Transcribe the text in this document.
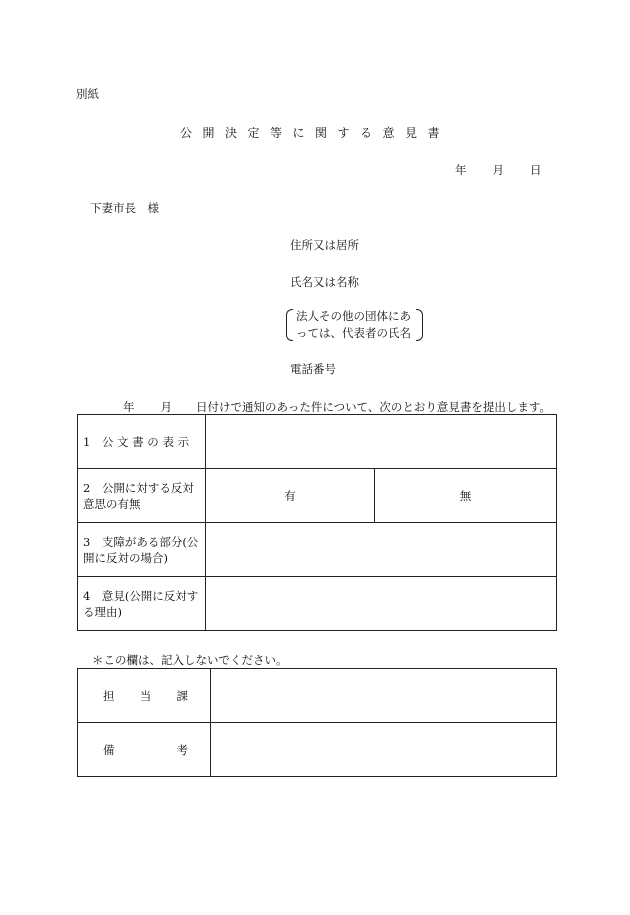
別紙
公開決定等に関する意見書
年 月 日
下妻市長　様
住所又は居所
氏名又は名称
法人その他の団体にあ
っては、代表者の氏名
電話番号
年 月 日付けで通知のあった件について、次のとおり意見書を提出します。
1　公 文 書 の 表 示		
2　公開に対する反対意思の有無	有	無
3　支障がある部分(公開に反対の場合)		
4　意見(公開に反対する理由)		
＊この欄は、記入しないでください。
担 当 課	

備 考	
